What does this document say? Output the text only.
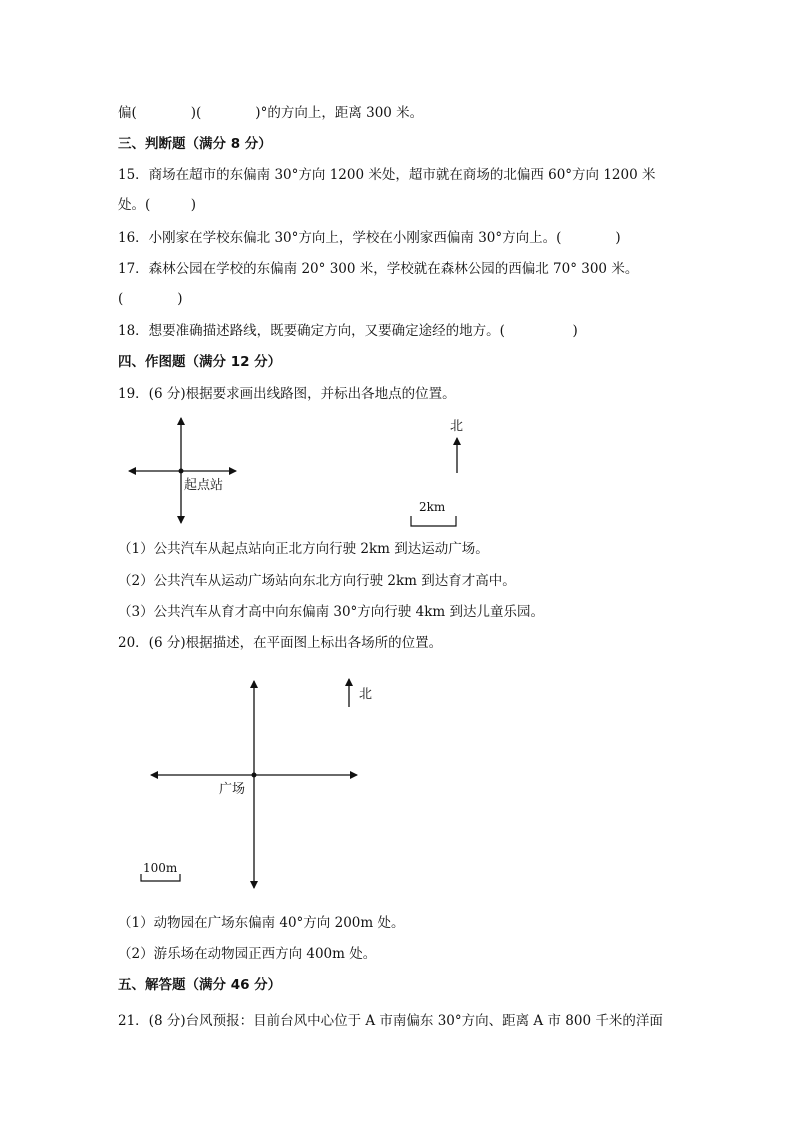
偏(　　　　)(　　　　)°的方向上，距离 300 米。
三、判断题（满分 8 分）
15．商场在超市的东偏南 30°方向 1200 米处，超市就在商场的北偏西 60°方向 1200 米
处。(　　　)
16．小刚家在学校东偏北 30°方向上，学校在小刚家西偏南 30°方向上。(　　　　)
17．森林公园在学校的东偏南 20° 300 米，学校就在森林公园的西偏北 70° 300 米。
(　　　　)
18．想要准确描述路线，既要确定方向，又要确定途经的地方。(　　　　　)
四、作图题（满分 12 分）
19．(6 分)根据要求画出线路图，并标出各地点的位置。
起点站
北
2km
广场
北
100m
（1）公共汽车从起点站向正北方向行驶 2km 到达运动广场。
（2）公共汽车从运动广场站向东北方向行驶 2km 到达育才高中。
（3）公共汽车从育才高中向东偏南 30°方向行驶 4km 到达儿童乐园。
20．(6 分)根据描述，在平面图上标出各场所的位置。
（1）动物园在广场东偏南 40°方向 200m 处。
（2）游乐场在动物园正西方向 400m 处。
五、解答题（满分 46 分）
21．(8 分)台风预报：目前台风中心位于 A 市南偏东 30°方向、距离 A 市 800 千米的洋面
